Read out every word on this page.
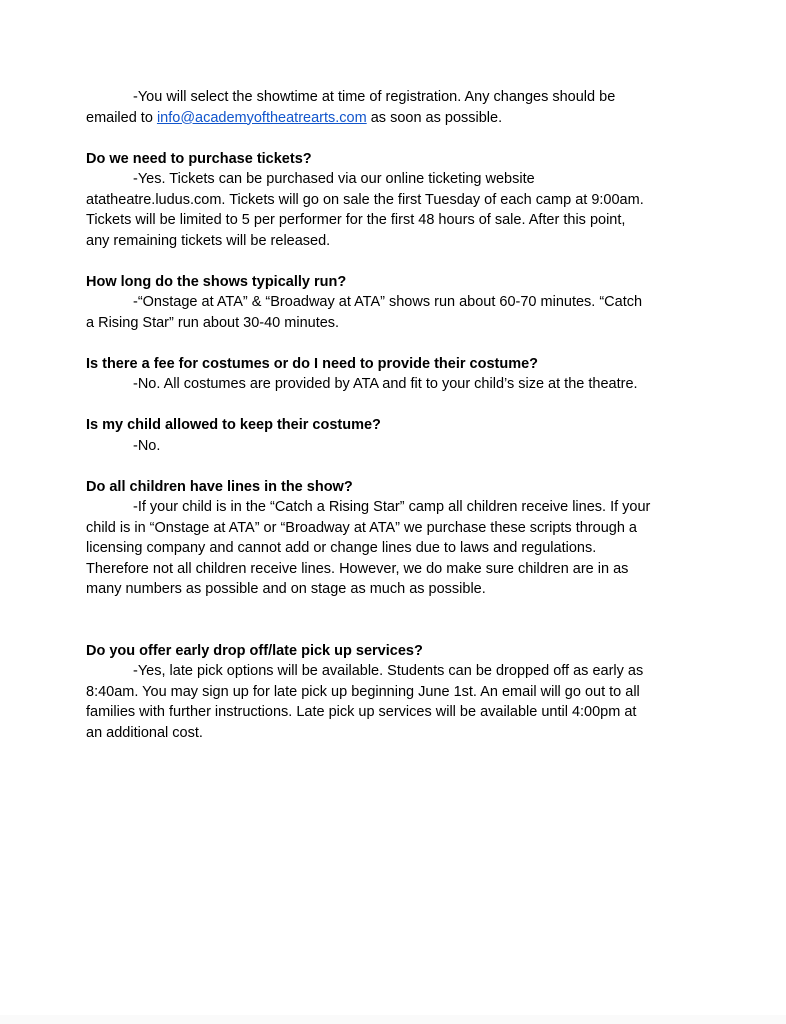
-You will select the showtime at time of registration. Any changes should be
emailed to info@academyoftheatrearts.com as soon as possible.

Do we need to purchase tickets?

-Yes. Tickets can be purchased via our online ticketing website
atatheatre.ludus.com. Tickets will go on sale the first Tuesday of each camp at 9:00am.
Tickets will be limited to 5 per performer for the first 48 hours of sale. After this point,
any remaining tickets will be released.

How long do the shows typically run?

-“Onstage at ATA” & “Broadway at ATA” shows run about 60-70 minutes. “Catch
a Rising Star” run about 30-40 minutes.

Is there a fee for costumes or do I need to provide their costume?

-No. All costumes are provided by ATA and fit to your child’s size at the theatre.

Is my child allowed to keep their costume?

-No.

Do all children have lines in the show?

-If your child is in the “Catch a Rising Star” camp all children receive lines. If your
child is in “Onstage at ATA” or “Broadway at ATA” we purchase these scripts through a
licensing company and cannot add or change lines due to laws and regulations.
Therefore not all children receive lines. However, we do make sure children are in as
many numbers as possible and on stage as much as possible.

Do you offer early drop off/late pick up services?

-Yes, late pick options will be available. Students can be dropped off as early as
8:40am. You may sign up for late pick up beginning June 1st. An email will go out to all
families with further instructions. Late pick up services will be available until 4:00pm at
an additional cost.
